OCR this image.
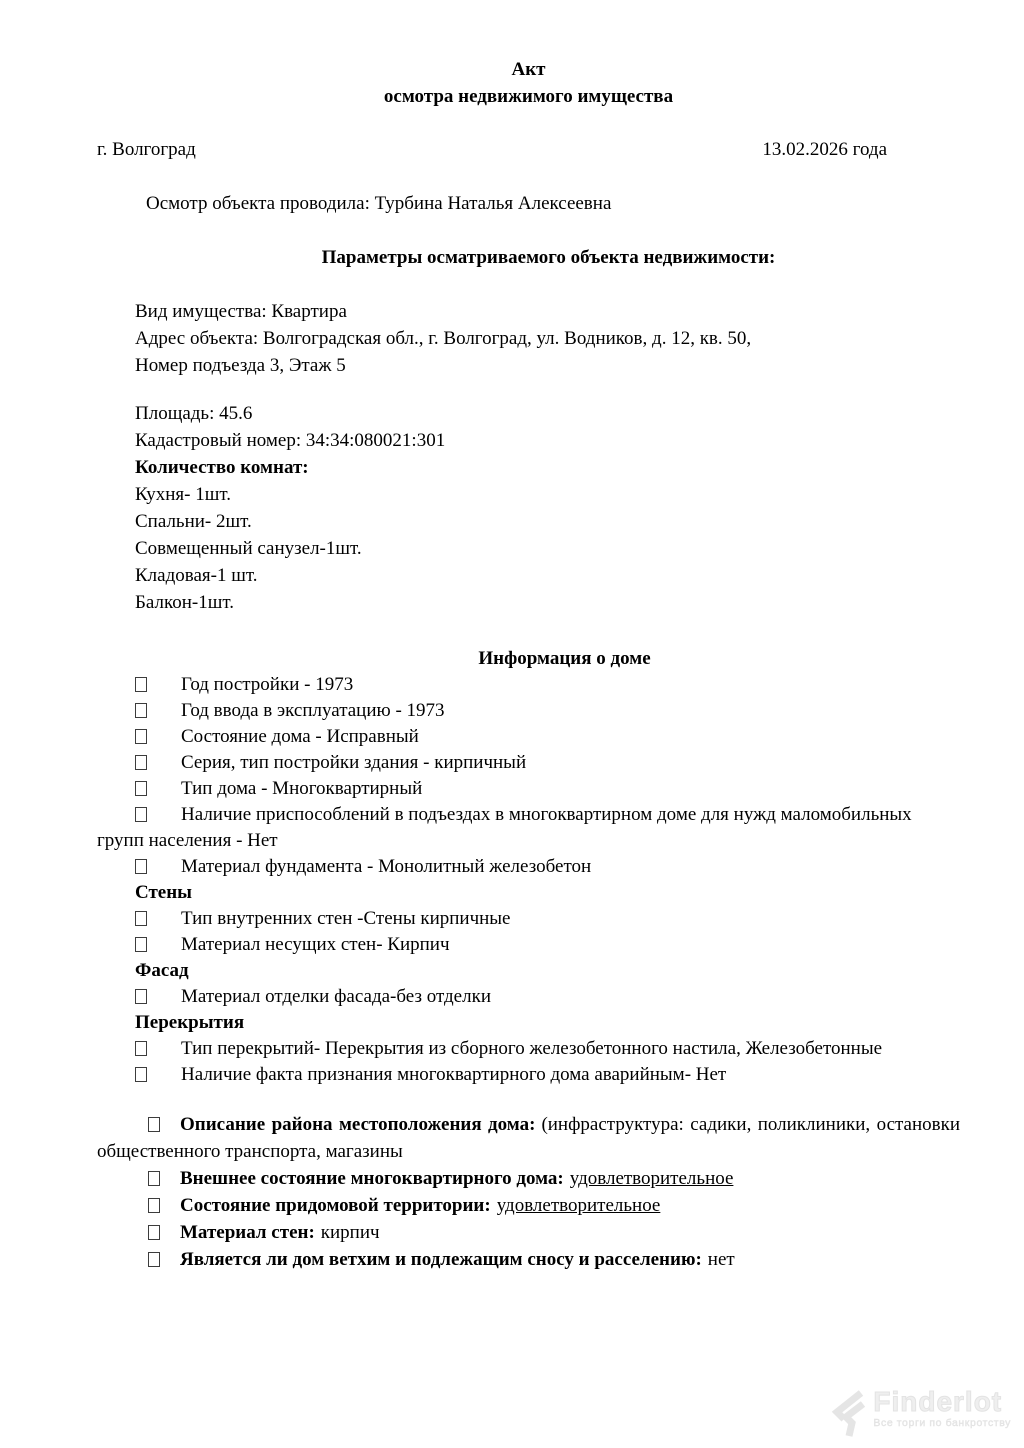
Акт
осмотра недвижимого имущества
г. Волгоград	13.02.2026 года

Осмотр объекта проводила: Турбина Наталья Алексеевна

Параметры осматриваемого объекта недвижимости:

Вид имущества: Квартира

Адрес объекта: Волгоградская обл., г. Волгоград, ул. Водников, д. 12, кв. 50,

Номер подъезда 3, Этаж 5

Площадь: 45.6

Кадастровый номер: 34:34:080021:301

Количество комнат:

Кухня- 1шт.

Спальни- 2шт.

Совмещенный санузел-1шт.

Кладовая-1 шт.

Балкон-1шт.

Информация о доме

Год постройки - 1973

Год ввода в эксплуатацию - 1973

Состояние дома - Исправный

Серия, тип постройки здания - кирпичный

Тип дома - Многоквартирный

Наличие приспособлений в подъездах в многоквартирном доме для нужд маломобильных групп населения - Нет

Материал фундамента - Монолитный железобетон

Стены

Тип внутренних стен -Стены кирпичные

Материал несущих стен- Кирпич

Фасад

Материал отделки фасада-без отделки

Перекрытия

Тип перекрытий- Перекрытия из сборного железобетонного настила, Железобетонные

Наличие факта признания многоквартирного дома аварийным- Нет

Описание района местоположения дома: (инфраструктура: садики, поликлиники, остановки общественного транспорта, магазины

Внешнее состояние многоквартирного дома: удовлетворительное

Состояние придомовой территории: удовлетворительное

Материал стен: кирпич

Является ли дом ветхим и подлежащим сносу и расселению: нет

Finderlot
Все торги по банкротству
